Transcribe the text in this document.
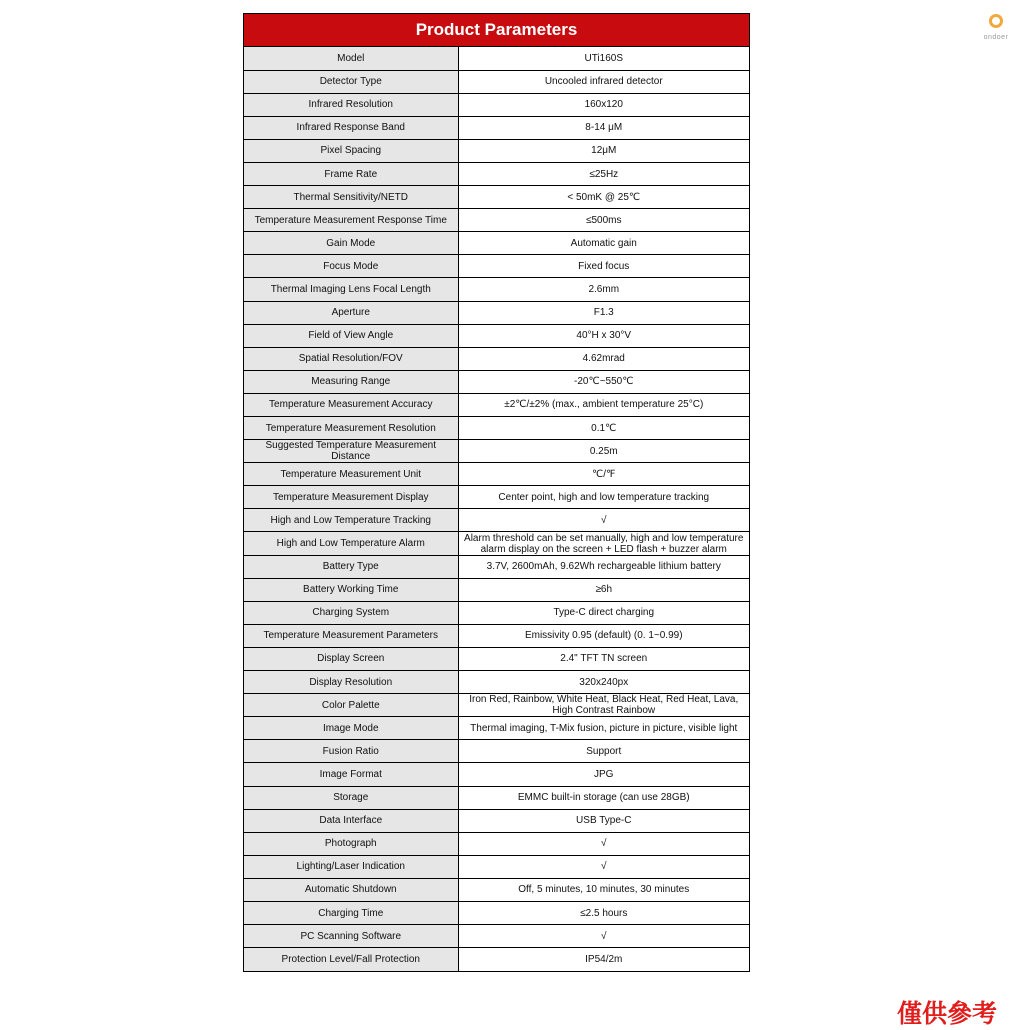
Product Parameters
Model	UTi160S
Detector Type	Uncooled infrared detector
Infrared Resolution	160x120
Infrared Response Band	8-14 μM
Pixel Spacing	12μM
Frame Rate	≤25Hz
Thermal Sensitivity/NETD	< 50mK @ 25℃
Temperature Measurement Response Time	≤500ms
Gain Mode	Automatic gain
Focus Mode	Fixed focus
Thermal Imaging Lens Focal Length	2.6mm
Aperture	F1.3
Field of View Angle	40°H x 30°V
Spatial Resolution/FOV	4.62mrad
Measuring Range	-20℃~550℃
Temperature Measurement Accuracy	±2℃/±2% (max., ambient temperature 25°C)
Temperature Measurement Resolution	0.1℃
Suggested Temperature Measurement Distance	0.25m
Temperature Measurement Unit	℃/℉
Temperature Measurement Display	Center point, high and low temperature tracking
High and Low Temperature Tracking	√
High and Low Temperature Alarm	Alarm threshold can be set manually, high and low temperature alarm display on the screen + LED flash + buzzer alarm
Battery Type	3.7V, 2600mAh, 9.62Wh rechargeable lithium battery
Battery Working Time	≥6h
Charging System	Type-C direct charging
Temperature Measurement Parameters	Emissivity 0.95 (default) (0. 1~0.99)
Display Screen	2.4" TFT TN screen
Display Resolution	320x240px
Color Palette	Iron Red, Rainbow, White Heat, Black Heat, Red Heat, Lava, High Contrast Rainbow
Image Mode	Thermal imaging, T-Mix fusion, picture in picture, visible light
Fusion Ratio	Support
Image Format	JPG
Storage	EMMC built-in storage (can use 28GB)
Data Interface	USB Type-C
Photograph	√
Lighting/Laser Indication	√
Automatic Shutdown	Off, 5 minutes, 10 minutes, 30 minutes
Charging Time	≤2.5 hours
PC Scanning Software	√
Protection Level/Fall Protection	IP54/2m
ondoer
僅供參考
